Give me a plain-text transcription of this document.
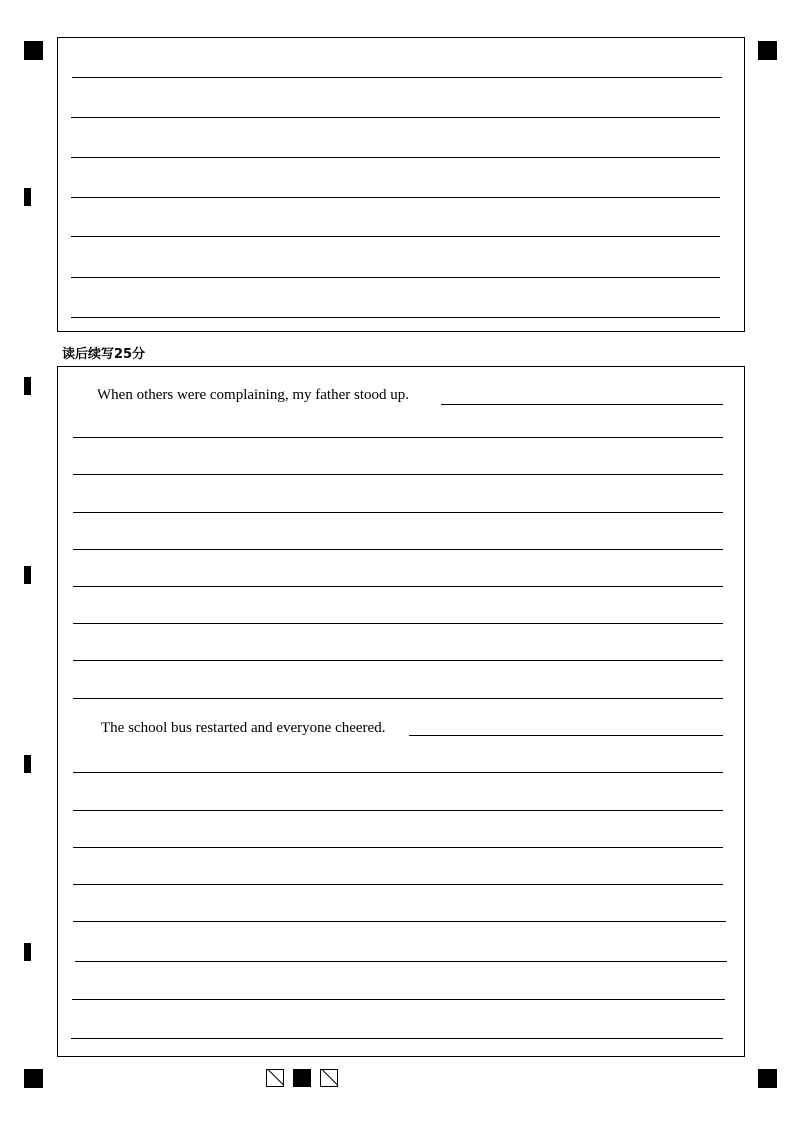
读后续写25分
When others were complaining, my father stood up.
The school bus restarted and everyone cheered.
